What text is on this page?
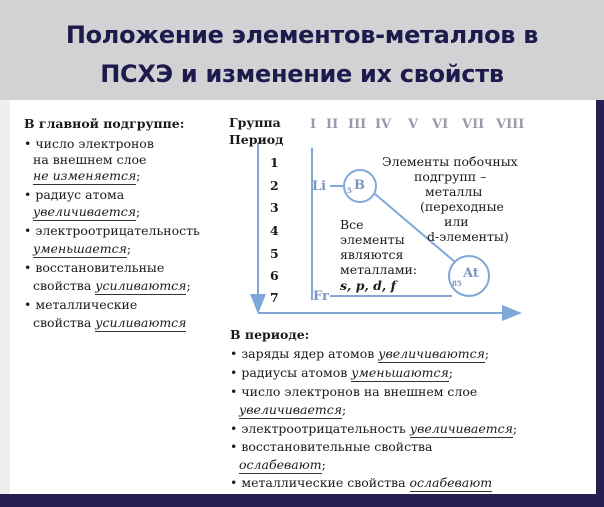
Положение элементов-металлов в
ПСХЭ и изменение их свойств
В главной подгруппе:
• число электронов
на внешнем слое
не изменяется;
• радиус атома
увеличивается;
• электроотрицательность
уменьшается;
• восстановительные
свойства усиливаются;
• металлические
свойства усиливаются
Группа
Период
I II III IV V VI VII VIII
1
2
3
4
5
6
7
Li	5 B
Fr
85
At
Элементы побочных
подгрупп –
металлы
(переходные
или
d-элементы)
Все
элементы
являются
металлами:
s, p, d, f
В периоде:
• заряды ядер атомов увеличиваются;
• радиусы атомов уменьшаются;
• число электронов на внешнем слое
увеличивается;
• электроотрицательность увеличивается;
• восстановительные свойства
ослабевают;
• металлические свойства ослабевают
